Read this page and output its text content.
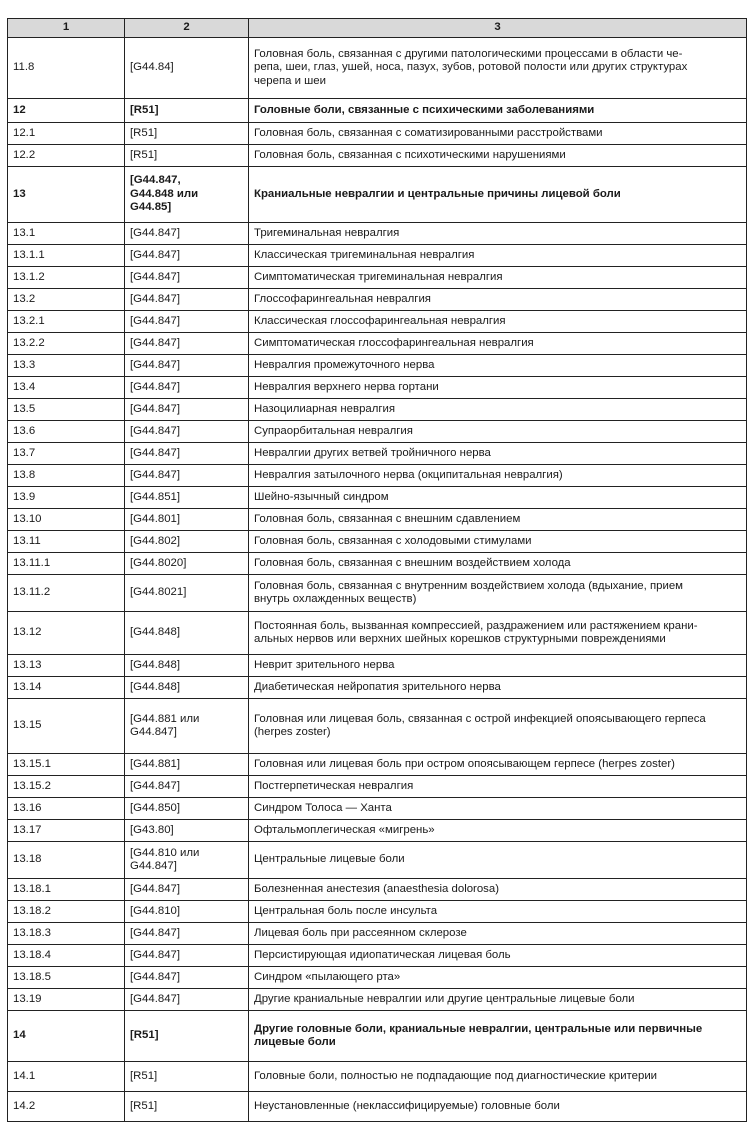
1	2	3
11.8	[G44.84]	Головная боль, связанная с другими патологическими процессами в области че-
репа, шеи, глаз, ушей, носа, пазух, зубов, ротовой полости или других структурах
черепа и шеи
12	[R51]	Головные боли, связанные с психическими заболеваниями
12.1	[R51]	Головная боль, связанная с соматизированными расстройствами
12.2	[R51]	Головная боль, связанная с психотическими нарушениями
13	[G44.847,
G44.848 или
G44.85]	Краниальные невралгии и центральные причины лицевой боли
13.1	[G44.847]	Тригеминальная невралгия
13.1.1	[G44.847]	Классическая тригеминальная невралгия
13.1.2	[G44.847]	Симптоматическая тригеминальная невралгия
13.2	[G44.847]	Глоссофарингеальная невралгия
13.2.1	[G44.847]	Классическая глоссофарингеальная невралгия
13.2.2	[G44.847]	Симптоматическая глоссофарингеальная невралгия
13.3	[G44.847]	Невралгия промежуточного нерва
13.4	[G44.847]	Невралгия верхнего нерва гортани
13.5	[G44.847]	Назоцилиарная невралгия
13.6	[G44.847]	Супраорбитальная невралгия
13.7	[G44.847]	Невралгии других ветвей тройничного нерва
13.8	[G44.847]	Невралгия затылочного нерва (окципитальная невралгия)
13.9	[G44.851]	Шейно-язычный синдром
13.10	[G44.801]	Головная боль, связанная с внешним сдавлением
13.11	[G44.802]	Головная боль, связанная с холодовыми стимулами
13.11.1	[G44.8020]	Головная боль, связанная с внешним воздействием холода
13.11.2	[G44.8021]	Головная боль, связанная с внутренним воздействием холода (вдыхание, прием
внутрь охлажденных веществ)
13.12	[G44.848]	Постоянная боль, вызванная компрессией, раздражением или растяжением крани-
альных нервов или верхних шейных корешков структурными повреждениями
13.13	[G44.848]	Неврит зрительного нерва
13.14	[G44.848]	Диабетическая нейропатия зрительного нерва
13.15	[G44.881 или
G44.847]	Головная или лицевая боль, связанная с острой инфекцией опоясывающего герпеса
(herpes zoster)
13.15.1	[G44.881]	Головная или лицевая боль при остром опоясывающем герпесе (herpes zoster)
13.15.2	[G44.847]	Постгерпетическая невралгия
13.16	[G44.850]	Синдром Толоса — Ханта
13.17	[G43.80]	Офтальмоплегическая «мигрень»
13.18	[G44.810 или
G44.847]	Центральные лицевые боли
13.18.1	[G44.847]	Болезненная анестезия (anaesthesia dolorosa)
13.18.2	[G44.810]	Центральная боль после инсульта
13.18.3	[G44.847]	Лицевая боль при рассеянном склерозе
13.18.4	[G44.847]	Персистирующая идиопатическая лицевая боль
13.18.5	[G44.847]	Синдром «пылающего рта»
13.19	[G44.847]	Другие краниальные невралгии или другие центральные лицевые боли
14	[R51]	Другие головные боли, краниальные невралгии, центральные или первичные
лицевые боли
14.1	[R51]	Головные боли, полностью не подпадающие под диагностические критерии
14.2	[R51]	Неустановленные (неклассифицируемые) головные боли
